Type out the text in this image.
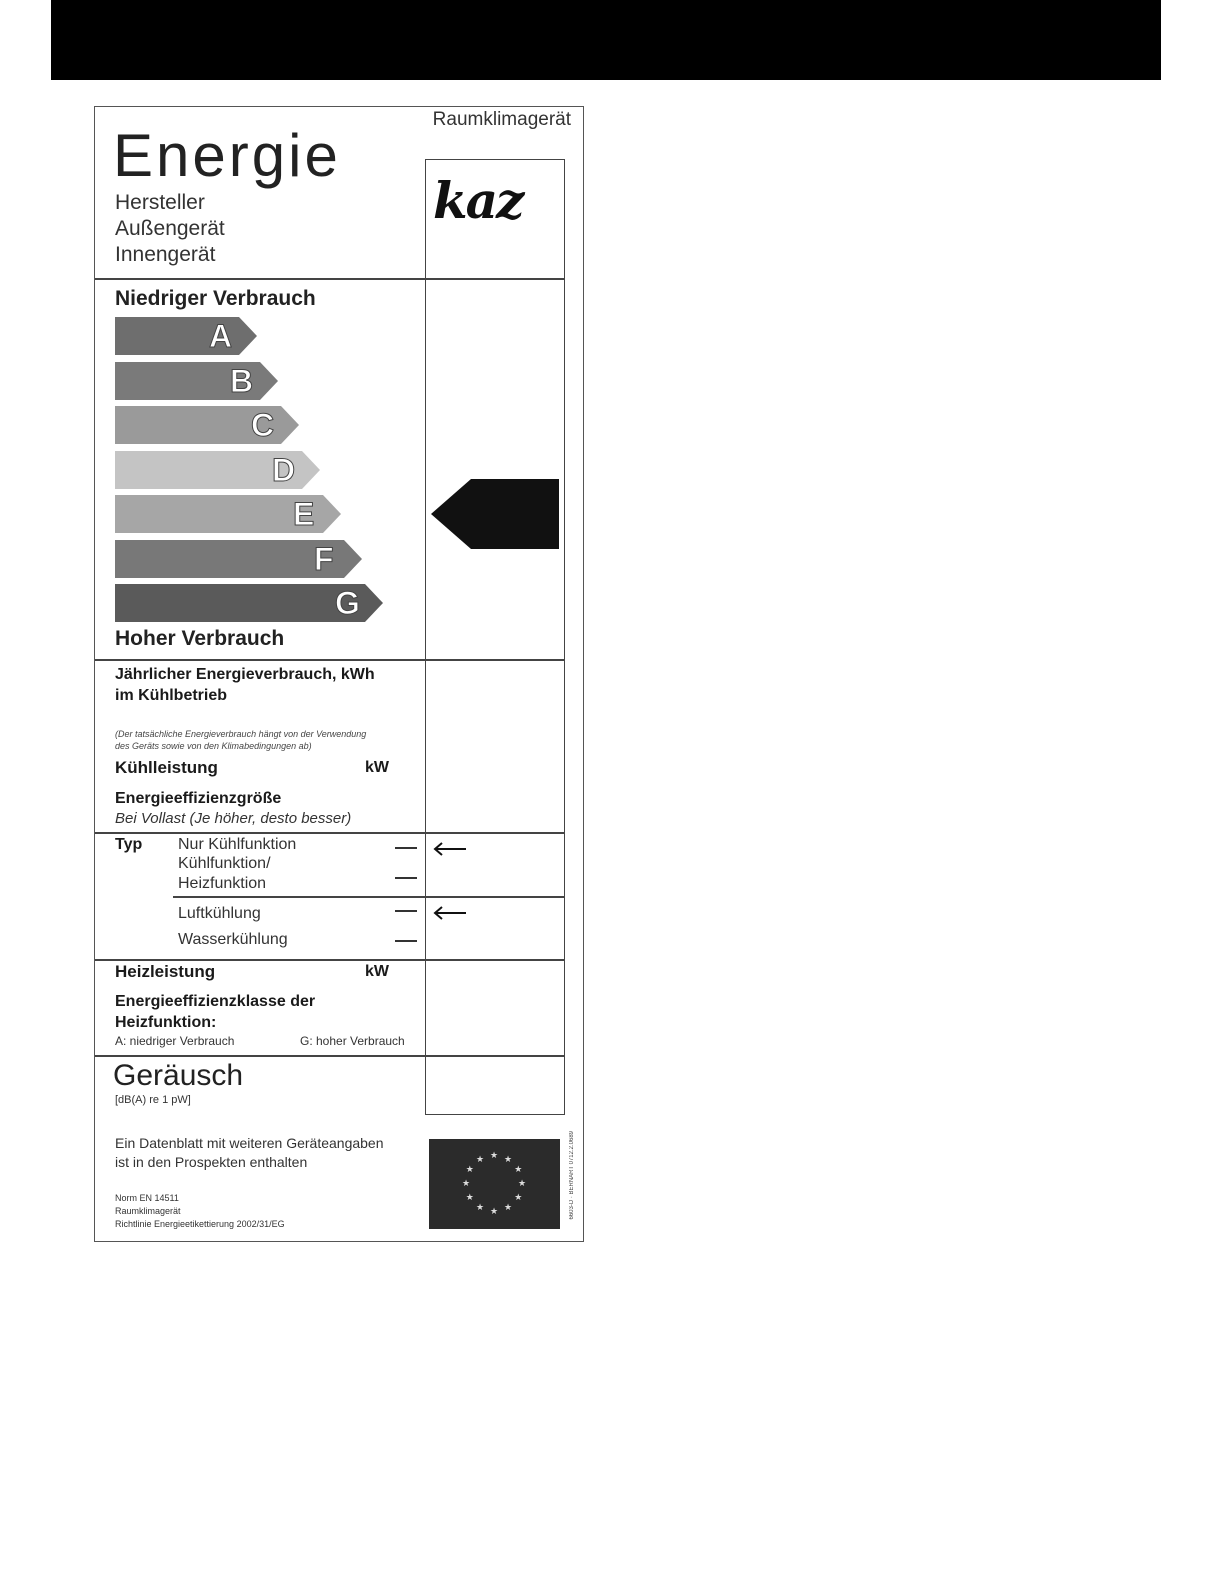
Raumklimagerät
Energie
Hersteller
Außengerät
Innengerät
kaz
Niedriger Verbrauch
A
B
C
D
E
F
G
Hoher Verbrauch
Jährlicher Energieverbrauch, kWh
im Kühlbetrieb
(Der tatsächliche Energieverbrauch hängt von der Verwendung
des Geräts sowie von den Klimabedingungen ab)
Kühlleistung	kW
Energieeffizienzgröße
Bei Vollast (Je höher, desto besser)
Typ Nur Kühlfunktion
Kühlfunktion/
Heizfunktion
Luftkühlung
Wasserkühlung
Heizleistung	kW
Energieeffizienzklasse der
Heizfunktion:
A: niedriger Verbrauch	G: hoher Verbrauch
Geräusch
[dB(A) re 1 pW]
Ein Datenblatt mit weiteren Geräteangaben
ist in den Prospekten enthalten
Norm EN 14511
Raumklimagerät
Richtlinie Energieetikettierung 2002/31/EG
★ ★
★
★
★
★
★
★
★
★
★
★	6603-D · BERNART 0712.2.0689
